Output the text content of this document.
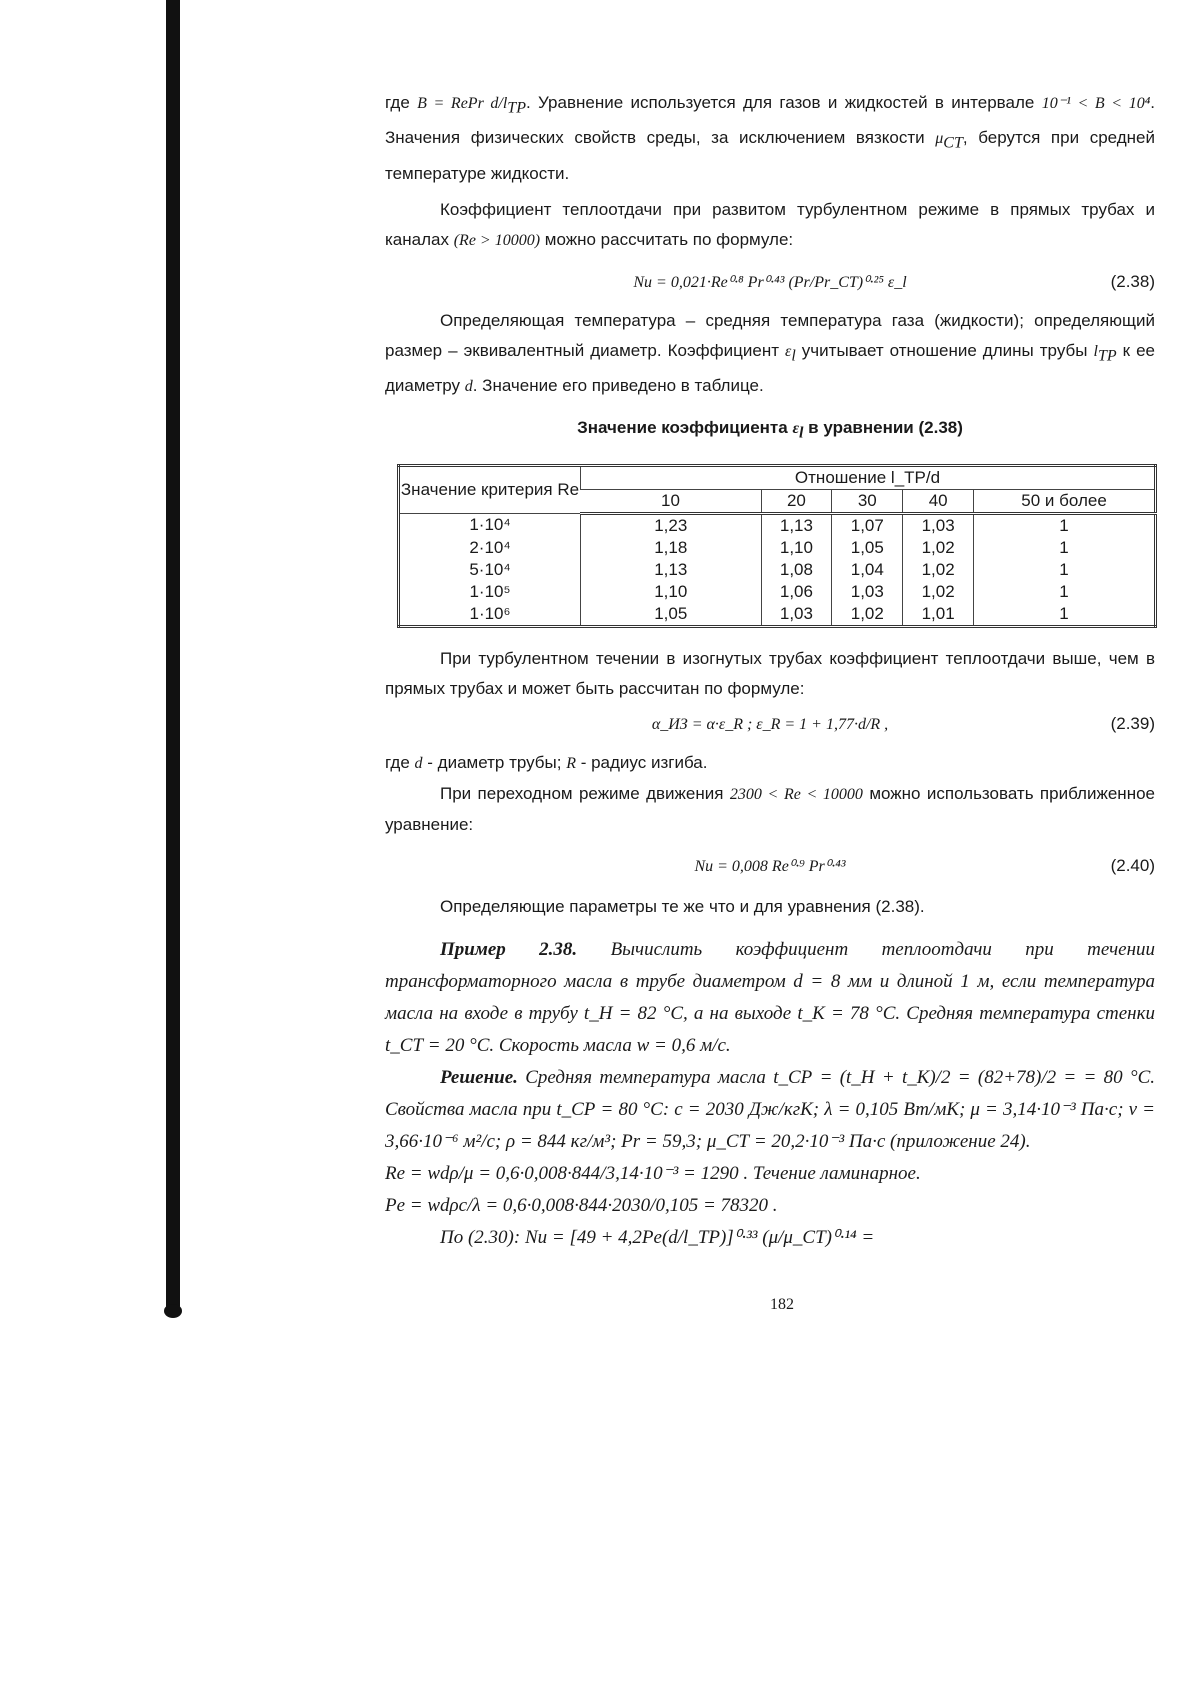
где B = RePr $d/l_{ТР}$. Уравнение используется для газов и жидкостей в интервале 10⁻¹ < B < 10⁴. Значения физических свойств среды, за исключением вязкости $\mu_{СТ}$, берутся при средней температуре жидкости.

Коэффициент теплоотдачи при развитом турбулентном режиме в прямых трубах и каналах (Re > 10000) можно рассчитать по формуле:

Nu = 0,021·Re⁰·⁸ Pr⁰·⁴³ (Pr/Pr_СТ)⁰·²⁵ ε_l	(2.38)

Определяющая температура – средняя температура газа (жидкости); определяющий размер – эквивалентный диаметр. Коэффициент $\varepsilon_l$ учитывает отношение длины трубы $l_{ТР}$ к ее диаметру d. Значение его приведено в таблице.

Значение коэффициента $\varepsilon_l$ в уравнении (2.38)
Значение критерия Re	Отношение l_ТР/d				
	10	20	30	40	50 и более
1·10⁴	1,23	1,13	1,07	1,03	1
2·10⁴	1,18	1,10	1,05	1,02	1
5·10⁴	1,13	1,08	1,04	1,02	1
1·10⁵	1,10	1,06	1,03	1,02	1
1·10⁶	1,05	1,03	1,02	1,01	1

При турбулентном течении в изогнутых трубах коэффициент теплоотдачи выше, чем в прямых трубах и может быть рассчитан по формуле:

α_ИЗ = α·ε_R ; ε_R = 1 + 1,77·d/R ,	(2.39)

где d - диаметр трубы; R - радиус изгиба.

При переходном режиме движения 2300 < Re < 10000 можно использовать приближенное уравнение:

Nu = 0,008 Re⁰·⁹ Pr⁰·⁴³	(2.40)

Определяющие параметры те же что и для уравнения (2.38).

Пример 2.38. Вычислить коэффициент теплоотдачи при течении трансформаторного масла в трубе диаметром d = 8 мм и длиной 1 м, если температура масла на входе в трубу t_Н = 82 °C, а на выходе t_К = 78 °C. Средняя температура стенки t_СТ = 20 °C. Скорость масла w = 0,6 м/с.

Решение. Средняя температура масла t_СР = (t_Н + t_К)/2 = (82+78)/2 = = 80 °C. Свойства масла при t_СР = 80 °C: c = 2030 Дж/кгК; λ = 0,105 Вт/мК; μ = 3,14·10⁻³ Па·с; ν = 3,66·10⁻⁶ м²/с; ρ = 844 кг/м³; Pr = 59,3; μ_СТ = 20,2·10⁻³ Па·с (приложение 24).

Re = wdρ/μ = 0,6·0,008·844/3,14·10⁻³ = 1290 . Течение ламинарное.

Pe = wdρc/λ = 0,6·0,008·844·2030/0,105 = 78320 .

По (2.30): Nu = [49 + 4,2Pe(d/l_ТР)]⁰·³³ (μ/μ_СТ)⁰·¹⁴ =

182
